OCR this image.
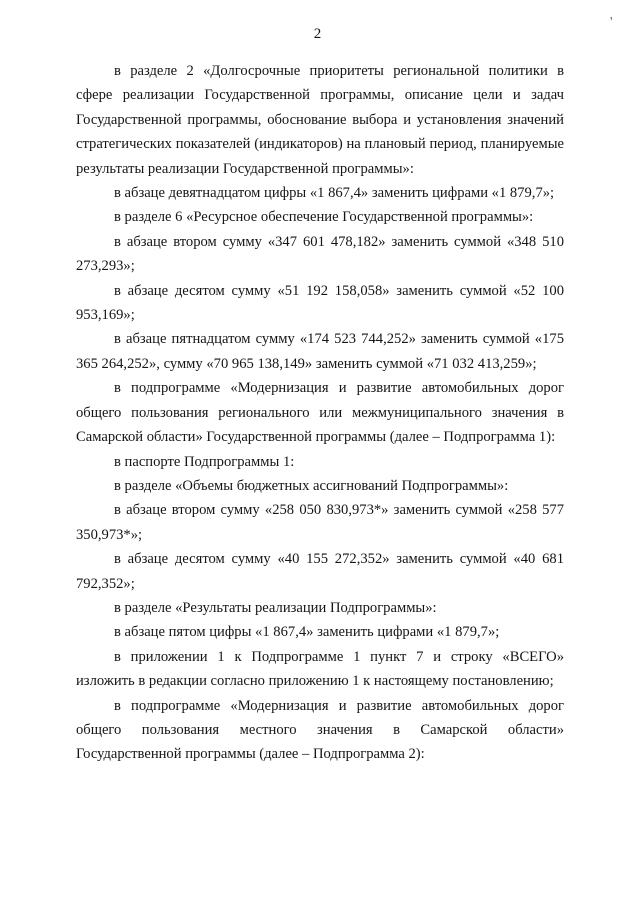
2
ʼ

в разделе 2 «Долгосрочные приоритеты региональной политики в сфере реализации Государственной программы, описание цели и задач Государственной программы, обоснование выбора и установления значений стратегических показателей (индикаторов) на плановый период, планируемые результаты реализации Государственной программы»:

в абзаце девятнадцатом цифры «1 867,4» заменить цифрами «1 879,7»;

в разделе 6 «Ресурсное обеспечение Государственной программы»:

в абзаце втором сумму «347 601 478,182» заменить суммой «348 510 273,293»;

в абзаце десятом сумму «51 192 158,058» заменить суммой «52 100 953,169»;

в абзаце пятнадцатом сумму «174 523 744,252» заменить суммой «175 365 264,252», сумму «70 965 138,149» заменить суммой «71 032 413,259»;

в подпрограмме «Модернизация и развитие автомобильных дорог общего пользования регионального или межмуниципального значения в Самарской области» Государственной программы (далее – Подпрограмма 1):

в паспорте Подпрограммы 1:

в разделе «Объемы бюджетных ассигнований Подпрограммы»:

в абзаце втором сумму «258 050 830,973*» заменить суммой «258 577 350,973*»;

в абзаце десятом сумму «40 155 272,352» заменить суммой «40 681 792,352»;

в разделе «Результаты реализации Подпрограммы»:

в абзаце пятом цифры «1 867,4» заменить цифрами «1 879,7»;

в приложении 1 к Подпрограмме 1 пункт 7 и строку «ВСЕГО» изложить в редакции согласно приложению 1 к настоящему постановлению;

в подпрограмме «Модернизация и развитие автомобильных дорог общего пользования местного значения в Самарской области» Государственной программы (далее – Подпрограмма 2):
